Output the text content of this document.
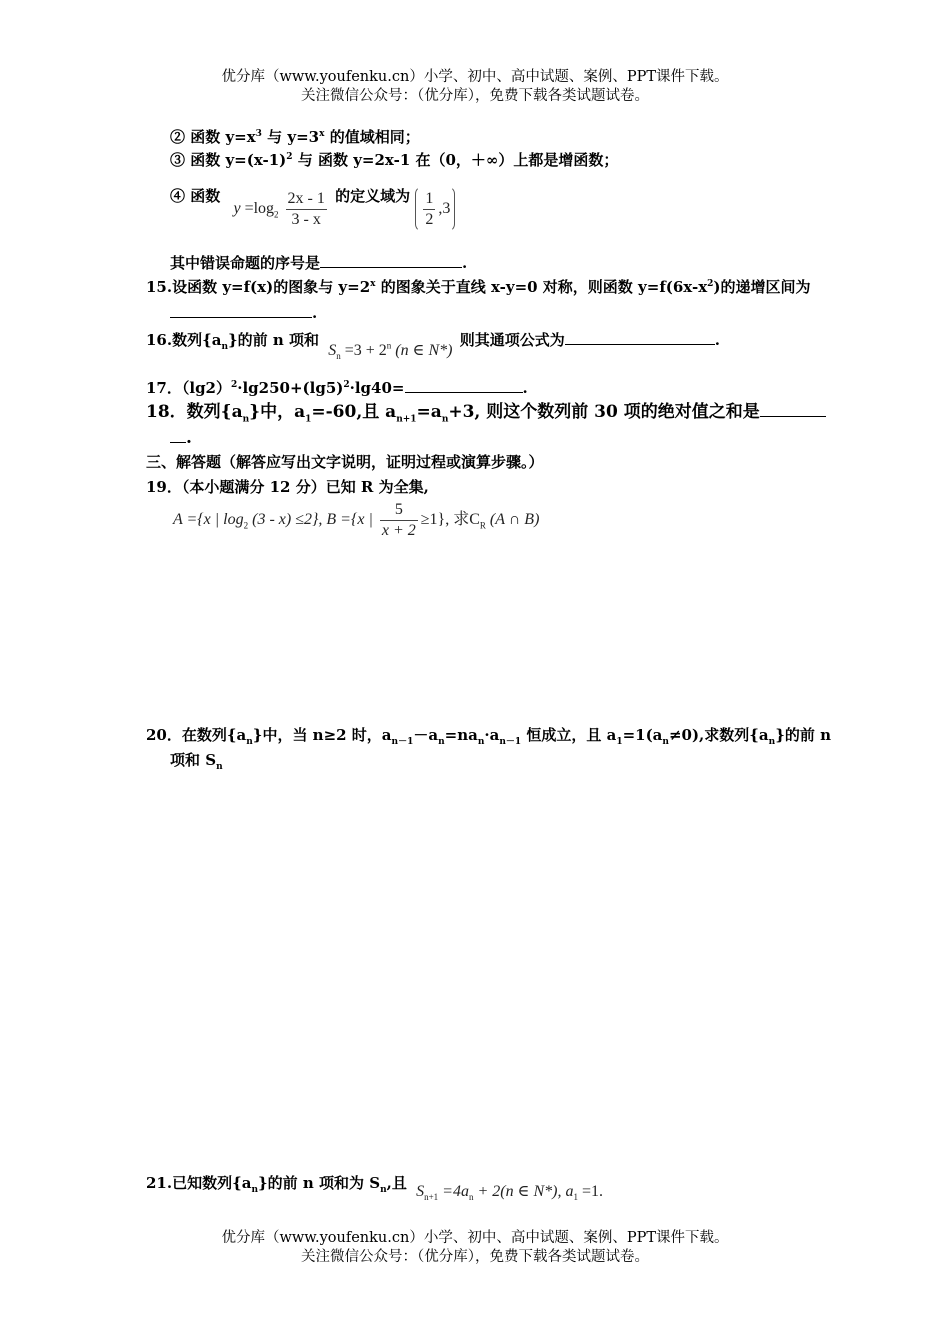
优分库（www.youfenku.cn）小学、初中、高中试题、案例、PPT课件下载。
关注微信公众号：（优分库），免费下载各类试题试卷。
② 函数 $y=x^3$ 与 $y=3^x$ 的值域相同；
③ 函数 $y=(x-1)^2$ 与 函数 y=2x-1 在（0，＋∞）上都是增函数；
④ 函数 $y =\log_2 \frac{2x - 1}{3 - x}$ 的定义域为 $\frac{1}{2} ,3$
其中错误命题的序号是	.
15.设函数 y=f(x)的图象与 $y=2^x$ 的图象关于直线 x-y=0 对称，则函数 $y=f(6x-x^2)$的递增区间为
.
16.数列$\{a_n\}$的前 n 项和 $S_n =3 + 2^n$ (n ∈ N*) 则其通项公式为	.
17．$(\lg 2)^2\cdot\lg 250+(\lg 5)^2\cdot\lg 40=$	.
18．数列$\{a_n\}$中，$a_1=-60$,且 $a_{n+1}=a_n+3$, 则这个数列前 30 项的绝对值之和是
.
三、解答题（解答应写出文字说明，证明过程或演算步骤。）
19．（本小题满分 12 分）已知 R 为全集,
A ={x | $\log_2 (3 - x) \le 2$}, B ={x | $\frac{5}{x + 2} \ge 1$}, 求$C_R$ (A ∩ B)
20．在数列$\{a_n\}$中，当 n≥2 时，$a_{n-1}-a_n=na_n\cdot a_{n-1}$ 恒成立，且 $a_1=1(a_n\ne 0)$,求数列$\{a_n\}$的前 n
项和 $S_n$
21.已知数列$\{a_n\}$的前 n 项和为 $S_n$,且 $S_{n+1} =4a_n + 2(n$ ∈ N*), $a_1 =1$.
优分库（www.youfenku.cn）小学、初中、高中试题、案例、PPT课件下载。
关注微信公众号：（优分库），免费下载各类试题试卷。
